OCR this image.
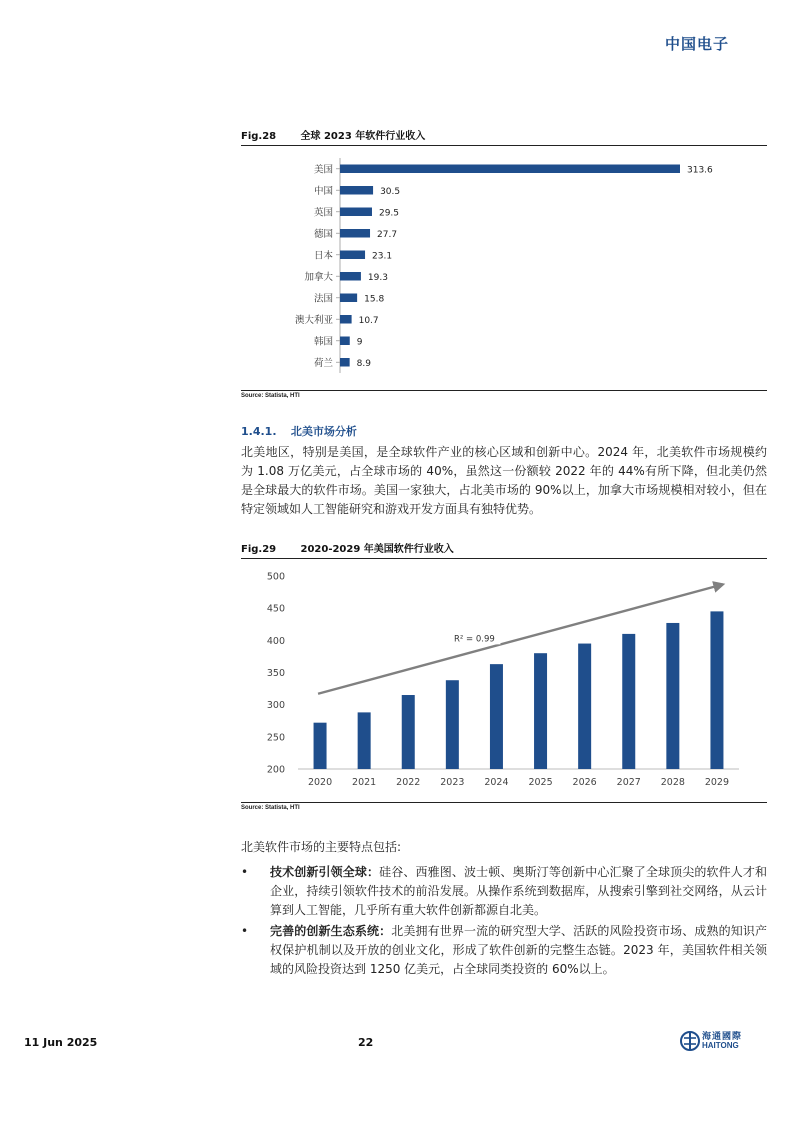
中国电子
Fig.28 全球 2023 年软件行业收入
美国	313.6
中国	30.5
英国	29.5
德国	27.7
日本	23.1
加拿大	19.3
法国	15.8
澳大利亚	10.7
韩国	9
荷兰	8.9
Source: Statista, HTI
1.4.1. 北美市场分析
北美地区，特别是美国，是全球软件产业的核心区域和创新中心。2024 年，北美软件市场规模约为 1.08 万亿美元，占全球市场的 40%，虽然这一份额较 2022 年的 44%有所下降，但北美仍然是全球最大的软件市场。美国一家独大，占北美市场的 90%以上，加拿大市场规模相对较小，但在特定领域如人工智能研究和游戏开发方面具有独特优势。
Fig.29 2020-2029 年美国软件行业收入
200
250
300
350
400
450
500
2020 2021 2022 2023 2024 2025 2026 2027 2028 2029
R² = 0.99
Source: Statista, HTI
北美软件市场的主要特点包括:
• 技术创新引领全球：硅谷、西雅图、波士顿、奥斯汀等创新中心汇聚了全球顶尖的软件人才和企业，持续引领软件技术的前沿发展。从操作系统到数据库，从搜索引擎到社交网络，从云计算到人工智能，几乎所有重大软件创新都源自北美。
• 完善的创新生态系统：北美拥有世界一流的研究型大学、活跃的风险投资市场、成熟的知识产权保护机制以及开放的创业文化，形成了软件创新的完整生态链。2023 年，美国软件相关领域的风险投资达到 1250 亿美元，占全球同类投资的 60%以上。
11 Jun 2025	22	海通國際
HAITONG
